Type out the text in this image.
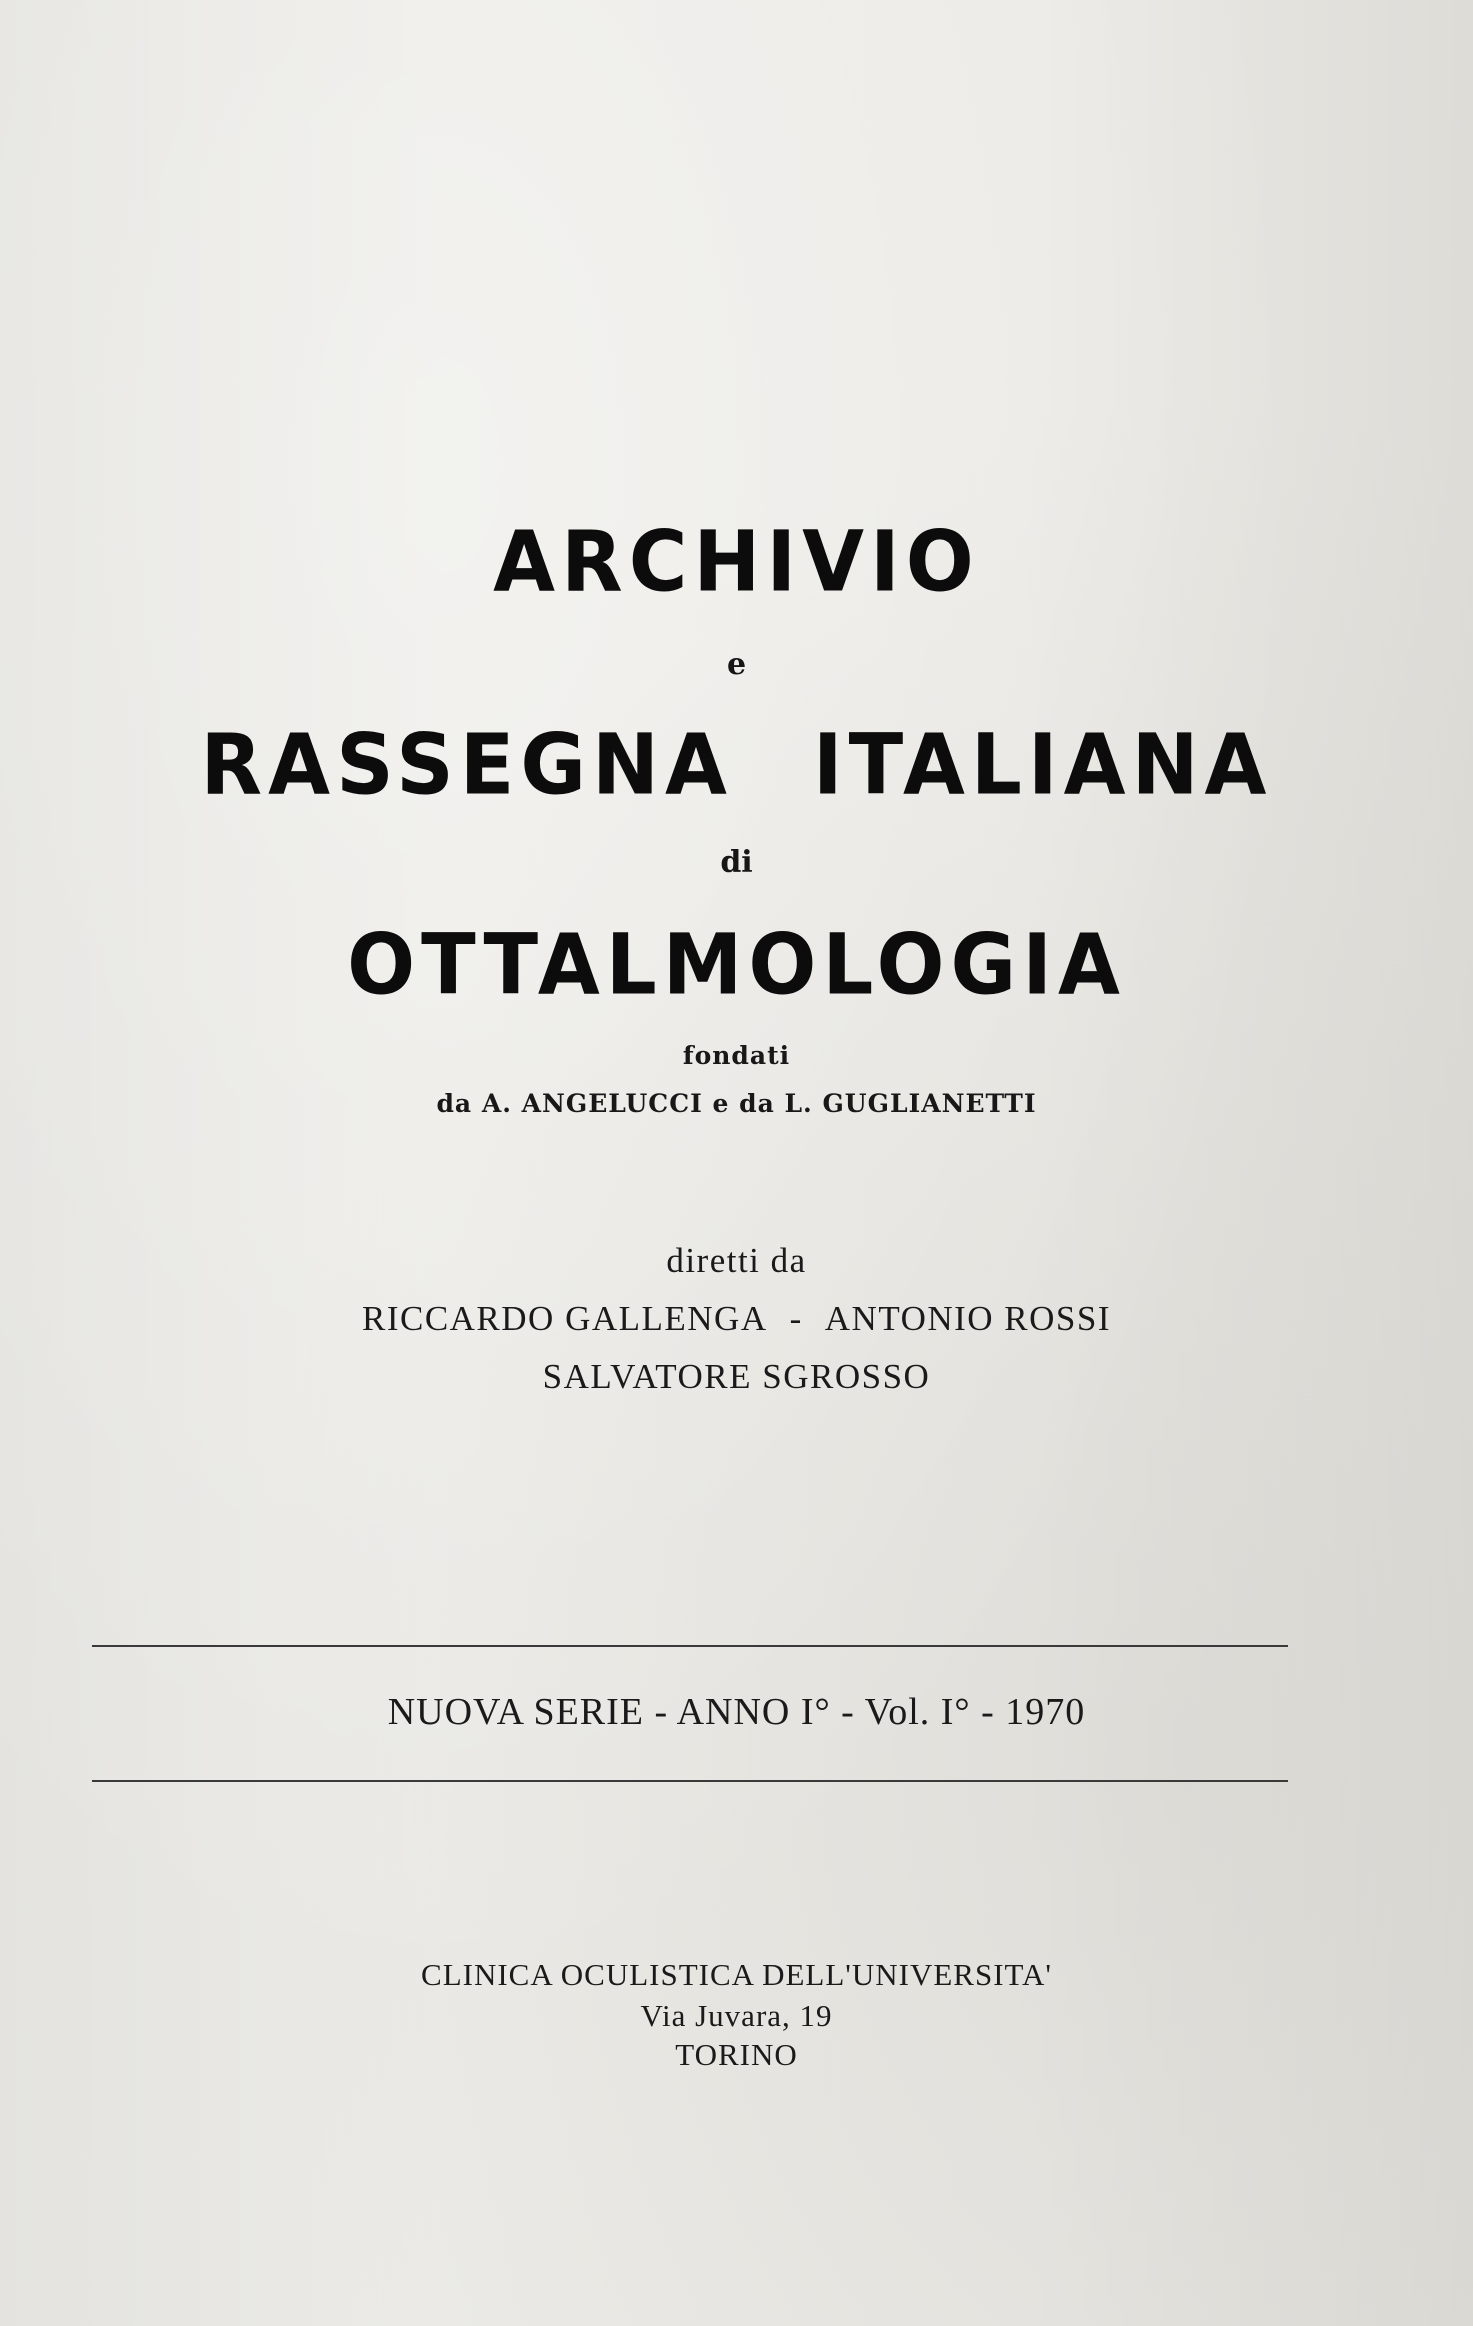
ARCHIVIO
e
RASSEGNA ITALIANA
di
OTTALMOLOGIA
fondati
da A. ANGELUCCI e da L. GUGLIANETTI
diretti da
RICCARDO GALLENGA - ANTONIO ROSSI
SALVATORE SGROSSO
NUOVA SERIE - ANNO I° - Vol. I° - 1970
CLINICA OCULISTICA DELL'UNIVERSITA'
Via Juvara, 19
TORINO
